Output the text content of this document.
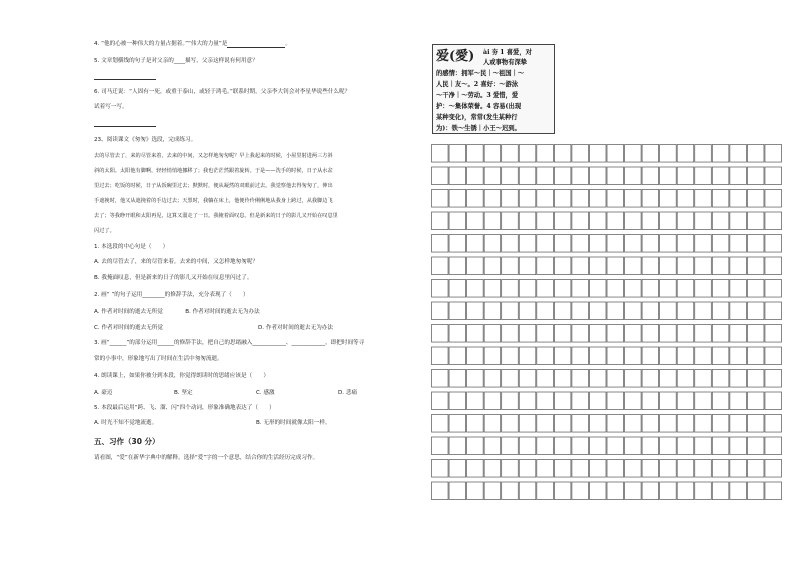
4. “他的心被一种伟大的力量占据着。”“伟大的力量”是	。
5. 文章划横线的句子是对父亲的____描写，父亲这样说有何用意？
6. 司马迁说：“人固有一死，或重于泰山，或轻于鸿毛。”联系时期，父亲李大钊会对李星华说些什么呢？
试着写一写。
23、阅读课文《匆匆》选段，完成练习。
去的尽管去了，来的尽管来着，去来的中间，又怎样地匆匆呢？早上我起来的时候，小屋里射进两三方斜
斜的太阳。太阳他有脚啊，轻轻悄悄地挪移了；我也茫茫然跟着旋转。于是——洗手的时候，日子从水盆
里过去；吃饭的时候，日子从饭碗里过去；默默时，便从凝然的双眼前过去。我觉察他去得匆匆了，伸出
手遮挽时，他又从遮挽着的手边过去；天黑时，我躺在床上，他便伶伶俐俐地从我身上跨过，从我脚边飞
去了；等我睁开眼和太阳再见，这算又溜走了一日。我掩着面叹息。但是新来的日子的影儿又开始在叹息里
闪过了。
1. 本选段的中心句是（　　）
A. 去的尽管去了，来的尽管来着，去来的中间，又怎样地匆匆呢？
B. 我掩面叹息，但是新来的日子的影儿又开始在叹息里闪过了。
2. 画“ ”的句子运用________的修辞手法，充分表现了（　　）
A. 作者对时间的逝去无所觉　　　　B. 作者对时间的逝去无为办法
C. 作者对时间的逝去无所觉	D. 作者对时间的逝去无为办法
3. 画“______”的部分运用______的修辞手法，把自己的思绪融入____________、____________，即把时间等寻
常的小事中，形象地写出了时间在生活中匆匆流逝。
4. 朗读课上，如果你被分到本段，你觉得朗读时的思绪应该是（　　）
A. 豪迈	B. 坚定	C. 感激	D. 悲痛
5. 本段最后运用“跨、飞、溜、闪”四个动词，形象准确地表达了（　　）
A. 时光不知不觉地流逝。	B. 无形的时间就像太阳一样。
五、习作（30 分）
请看图，“爱”在新华字典中的解释。选择“爱”字的一个意思，结合你的生活经历完成习作。
爱(愛) ài 夯 1 喜爱，对
人或事物有深挚
的感情：拥军～民｜～祖国｜～
人民｜友～。2 喜好：～游泳
～干净｜～劳动。3 爱惜，爱
护：～集体荣誉。4 容易(出现
某种变化)，常常(发生某种行
为)：铁～生锈｜小王～迟到。
